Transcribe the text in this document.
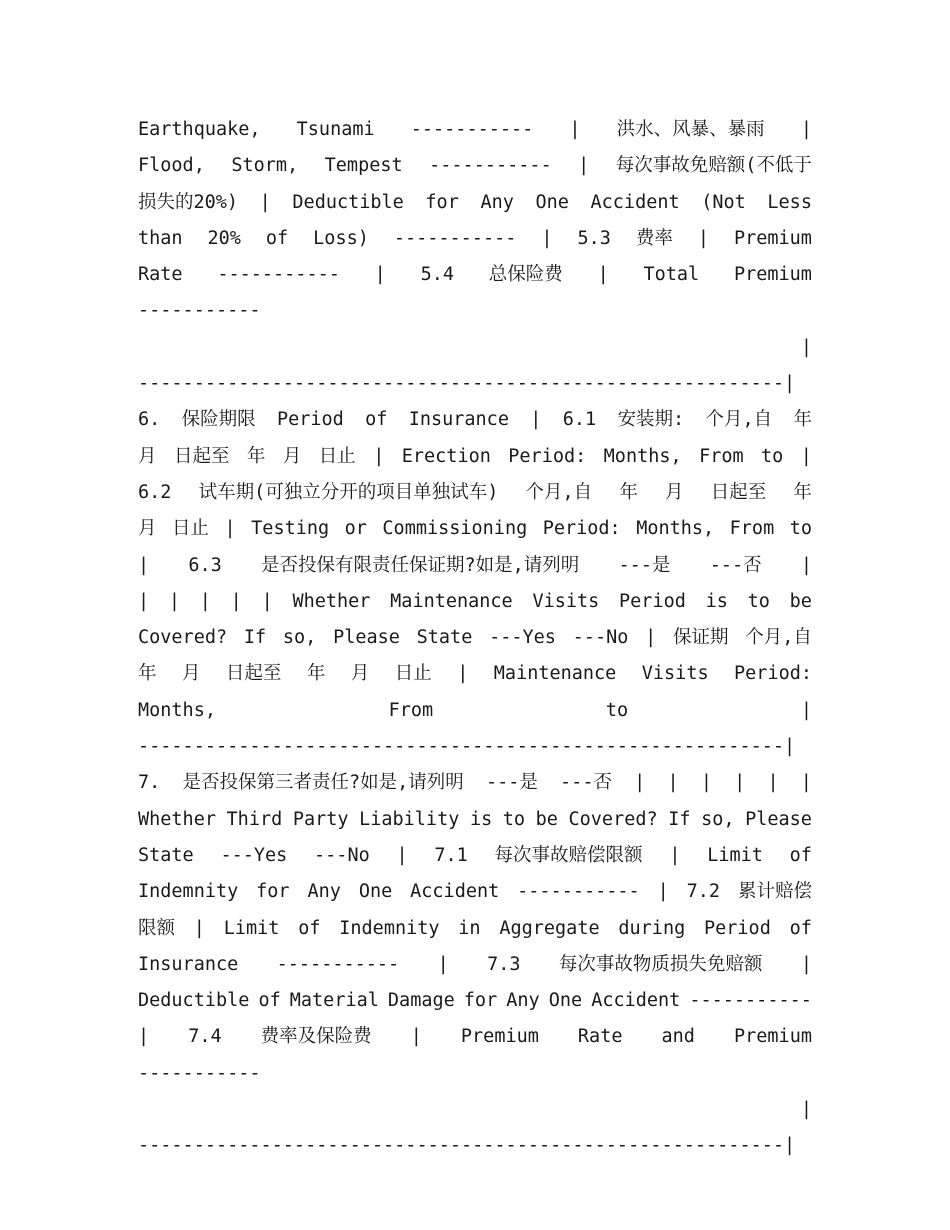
Earthquake, Tsunami ----------- | 洪水、风暴、暴雨 |
Flood, Storm, Tempest ----------- | 每次事故免赔额(不低于
损失的20%) | Deductible for Any One Accident (Not Less
than 20% of Loss) ----------- | 5.3 费率 | Premium
Rate ----------- | 5.4 总保险费 | Total Premium
-----------
|
----------------------------------------------------------|
6. 保险期限 Period of Insurance | 6.1 安装期: 个月,自 年
月 日起至 年 月 日止 | Erection Period: Months, From to |
6.2 试车期(可独立分开的项目单独试车) 个月,自 年 月 日起至 年
月 日止 | Testing or Commissioning Period: Months, From to
| 6.3 是否投保有限责任保证期?如是,请列明 ---是 ---否 |
| | | | | Whether Maintenance Visits Period is to be
Covered? If so, Please State ---Yes ---No | 保证期 个月,自
年 月 日起至 年 月 日止 | Maintenance Visits Period:
Months,	From	to	|
----------------------------------------------------------|
7. 是否投保第三者责任?如是,请列明 ---是 ---否 | | | | | |
Whether Third Party Liability is to be Covered? If so, Please
State ---Yes ---No | 7.1 每次事故赔偿限额 | Limit of
Indemnity for Any One Accident ----------- | 7.2 累计赔偿
限额 | Limit of Indemnity in Aggregate during Period of
Insurance ----------- | 7.3 每次事故物质损失免赔额 |
Deductible of Material Damage for Any One Accident -----------
| 7.4 费率及保险费 | Premium Rate and Premium
-----------
|
----------------------------------------------------------|
